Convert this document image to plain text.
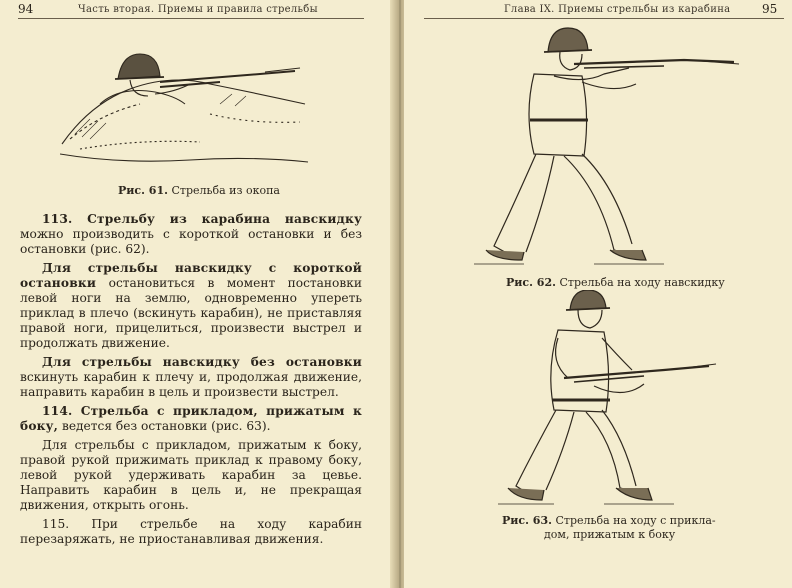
94	Часть вторая. Приемы и правила стрельбы
Рис. 61. Стрельба из окопа

113. Стрельбу из карабина навскидку можно производить с короткой остановки и без остановки (рис. 62).

Для стрельбы навскидку с короткой остановки остановиться в момент постановки левой ноги на землю, одновременно упереть приклад в плечо (вскинуть карабин), не приставляя правой ноги, прицелиться, произвести выстрел и продолжать движение.

Для стрельбы навскидку без остановки вскинуть карабин к плечу и, продолжая движение, направить карабин в цель и произвести выстрел.

114. Стрельба с прикладом, прижатым к боку, ведется без остановки (рис. 63).

Для стрельбы с прикладом, прижатым к боку, правой рукой прижимать приклад к правому боку, левой рукой удерживать карабин за цевье. Направить карабин в цель и, не прекращая движения, открыть огонь.

115. При стрельбе на ходу карабин перезаряжать, не приостанавливая движения.

Глава IX. Приемы стрельбы из карабина	95
Рис. 62. Стрельба на ходу навскидку
Рис. 63. Стрельба на ходу с прикла-
дом, прижатым к боку
